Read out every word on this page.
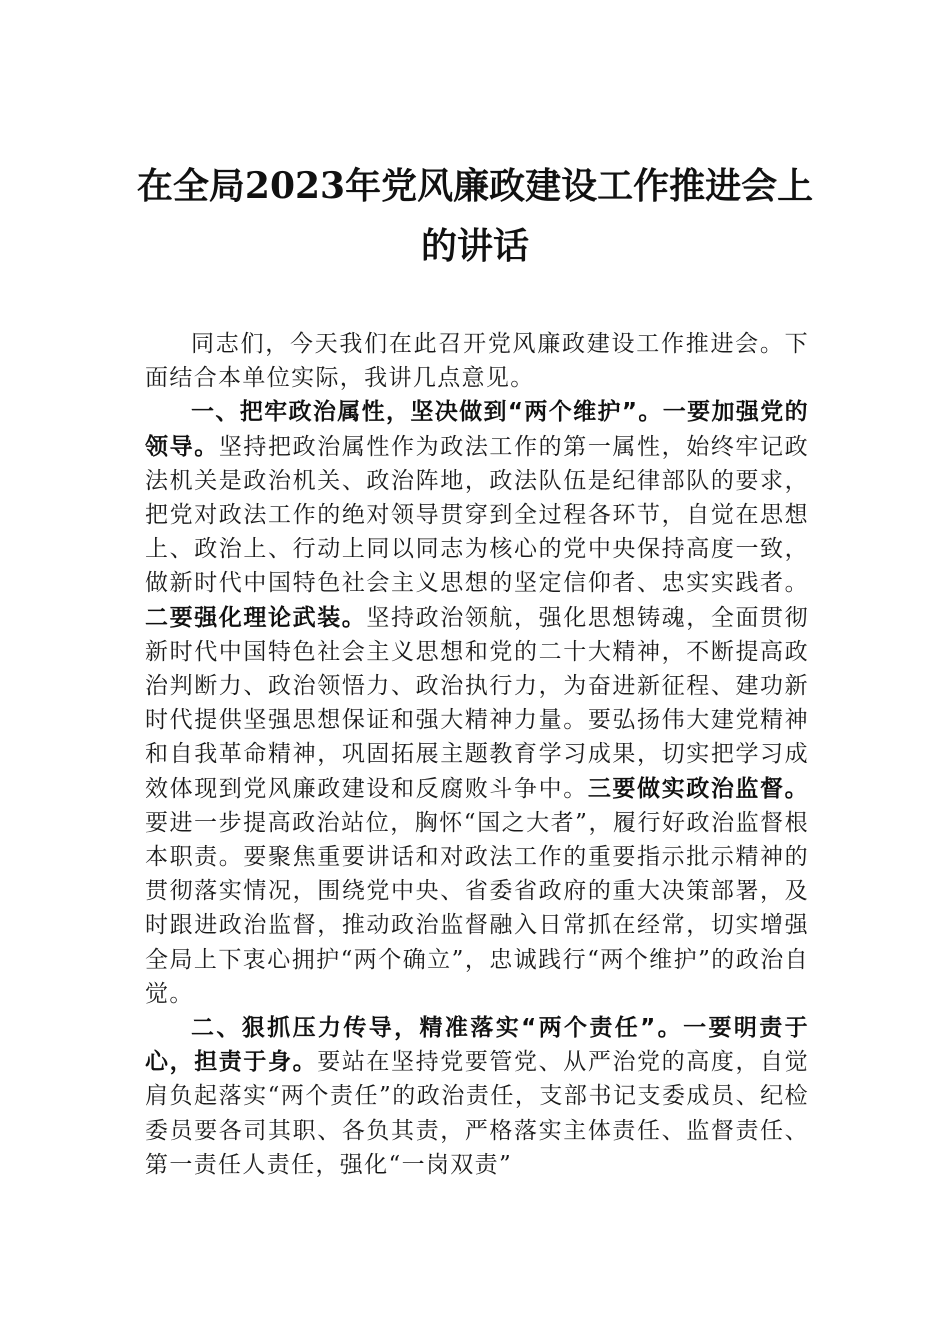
在全局2023年党风廉政建设工作推进会上
的讲话

同志们，今天我们在此召开党风廉政建设工作推进会。下面结合本单位实际，我讲几点意见。

一、把牢政治属性，坚决做到“两个维护”。一要加强党的领导。坚持把政治属性作为政法工作的第一属性，始终牢记政法机关是政治机关、政治阵地，政法队伍是纪律部队的要求，把党对政法工作的绝对领导贯穿到全过程各环节，自觉在思想上、政治上、行动上同以同志为核心的党中央保持高度一致，做新时代中国特色社会主义思想的坚定信仰者、忠实实践者。二要强化理论武装。坚持政治领航，强化思想铸魂，全面贯彻新时代中国特色社会主义思想和党的二十大精神，不断提高政治判断力、政治领悟力、政治执行力，为奋进新征程、建功新时代提供坚强思想保证和强大精神力量。要弘扬伟大建党精神和自我革命精神，巩固拓展主题教育学习成果，切实把学习成效体现到党风廉政建设和反腐败斗争中。三要做实政治监督。要进一步提高政治站位，胸怀“国之大者”，履行好政治监督根本职责。要聚焦重要讲话和对政法工作的重要指示批示精神的贯彻落实情况，围绕党中央、省委省政府的重大决策部署，及时跟进政治监督，推动政治监督融入日常抓在经常，切实增强全局上下衷心拥护“两个确立”，忠诚践行“两个维护”的政治自觉。

二、狠抓压力传导，精准落实“两个责任”。一要明责于心，担责于身。要站在坚持党要管党、从严治党的高度，自觉肩负起落实“两个责任”的政治责任，支部书记支委成员、纪检委员要各司其职、各负其责，严格落实主体责任、监督责任、第一责任人责任，强化“一岗双责”
